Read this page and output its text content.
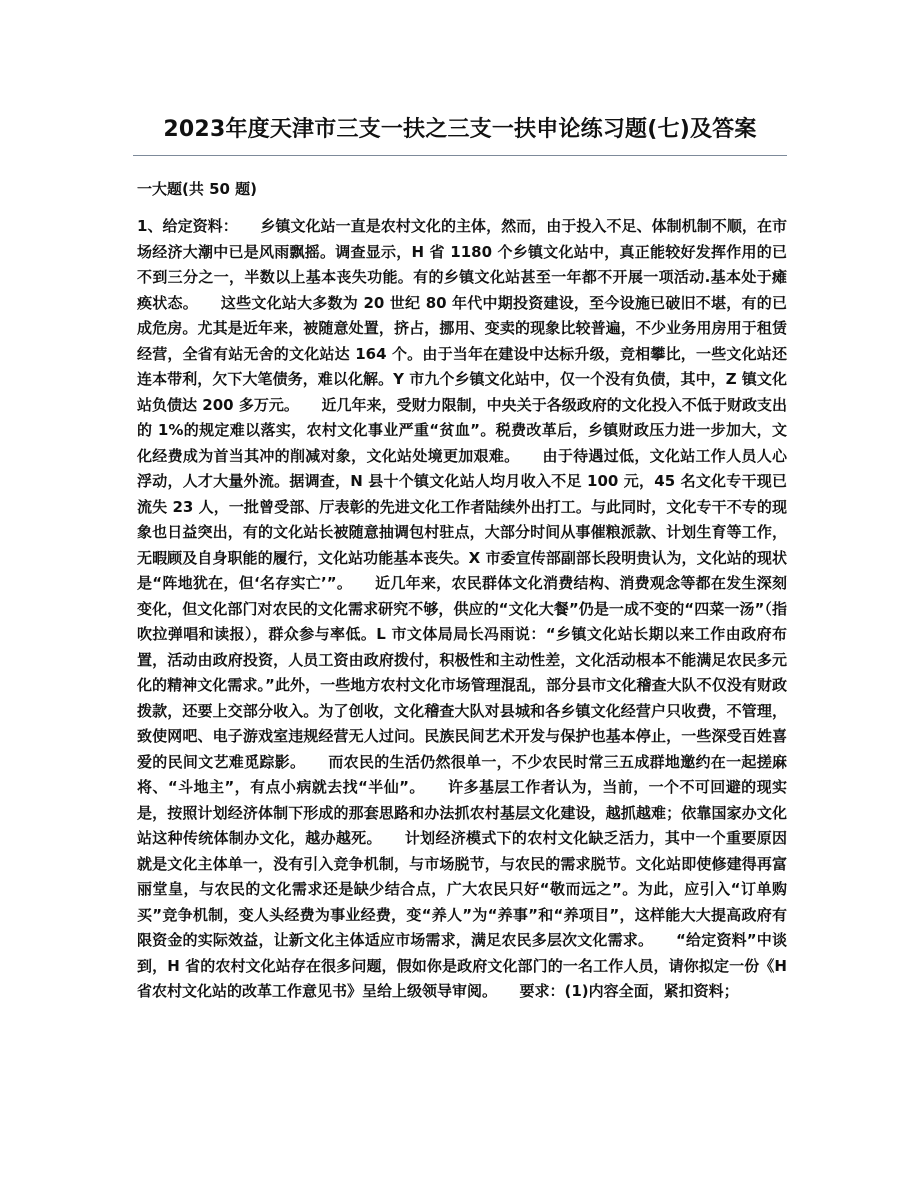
2023年度天津市三支一扶之三支一扶申论练习题(七)及答案
一大题(共 50 题)
1、给定资料：　　乡镇文化站一直是农村文化的主体，然而，由于投入不足、体制机制不顺，在市场经济大潮中已是风雨飘摇。调查显示，H 省 1180 个乡镇文化站中，真正能较好发挥作用的已不到三分之一，半数以上基本丧失功能。有的乡镇文化站甚至一年都不开展一项活动.基本处于瘫痪状态。　　这些文化站大多数为 20 世纪 80 年代中期投资建设，至今设施已破旧不堪，有的已成危房。尤其是近年来，被随意处置，挤占，挪用、变卖的现象比较普遍，不少业务用房用于租赁经营，全省有站无舍的文化站达 164 个。由于当年在建设中达标升级，竞相攀比，一些文化站还连本带利，欠下大笔债务，难以化解。Y 市九个乡镇文化站中，仅一个没有负债，其中，Z 镇文化站负债达 200 多万元。　　近几年来，受财力限制，中央关于各级政府的文化投入不低于财政支出的 1%的规定难以落实，农村文化事业严重“贫血”。税费改革后，乡镇财政压力进一步加大，文化经费成为首当其冲的削减对象，文化站处境更加艰难。　　由于待遇过低，文化站工作人员人心浮动，人才大量外流。据调查，N 县十个镇文化站人均月收入不足 100 元，45 名文化专干现已流失 23 人，一批曾受部、厅表彰的先进文化工作者陆续外出打工。与此同时，文化专干不专的现象也日益突出，有的文化站长被随意抽调包村驻点，大部分时间从事催粮派款、计划生育等工作，无暇顾及自身职能的履行，文化站功能基本丧失。X 市委宣传部副部长段明贵认为，文化站的现状是“阵地犹在，但‘名存实亡’”。　　近几年来，农民群体文化消费结构、消费观念等都在发生深刻变化，但文化部门对农民的文化需求研究不够，供应的“文化大餐”仍是一成不变的“四菜一汤”（指吹拉弹唱和读报），群众参与率低。L 市文体局局长冯雨说：“乡镇文化站长期以来工作由政府布置，活动由政府投资，人员工资由政府拨付，积极性和主动性差，文化活动根本不能满足农民多元化的精神文化需求。”此外，一些地方农村文化市场管理混乱，部分县市文化稽查大队不仅没有财政拨款，还要上交部分收入。为了创收，文化稽查大队对县城和各乡镇文化经营户只收费，不管理，致使网吧、电子游戏室违规经营无人过问。民族民间艺术开发与保护也基本停止，一些深受百姓喜爱的民间文艺难觅踪影。　　而农民的生活仍然很单一，不少农民时常三五成群地邀约在一起搓麻将、“斗地主”，有点小病就去找“半仙”。　　许多基层工作者认为，当前，一个不可回避的现实是，按照计划经济体制下形成的那套思路和办法抓农村基层文化建设，越抓越难；依靠国家办文化站这种传统体制办文化，越办越死。　　计划经济模式下的农村文化缺乏活力，其中一个重要原因就是文化主体单一，没有引入竞争机制，与市场脱节，与农民的需求脱节。文化站即使修建得再富丽堂皇，与农民的文化需求还是缺少结合点，广大农民只好“敬而远之”。为此，应引入“订单购买”竞争机制，变人头经费为事业经费，变“养人”为“养事”和“养项目”，这样能大大提高政府有限资金的实际效益，让新文化主体适应市场需求，满足农民多层次文化需求。　　“给定资料”中谈到，H 省的农村文化站存在很多问题，假如你是政府文化部门的一名工作人员，请你拟定一份《H 省农村文化站的改革工作意见书》呈给上级领导审阅。　　要求：(1)内容全面，紧扣资料；
